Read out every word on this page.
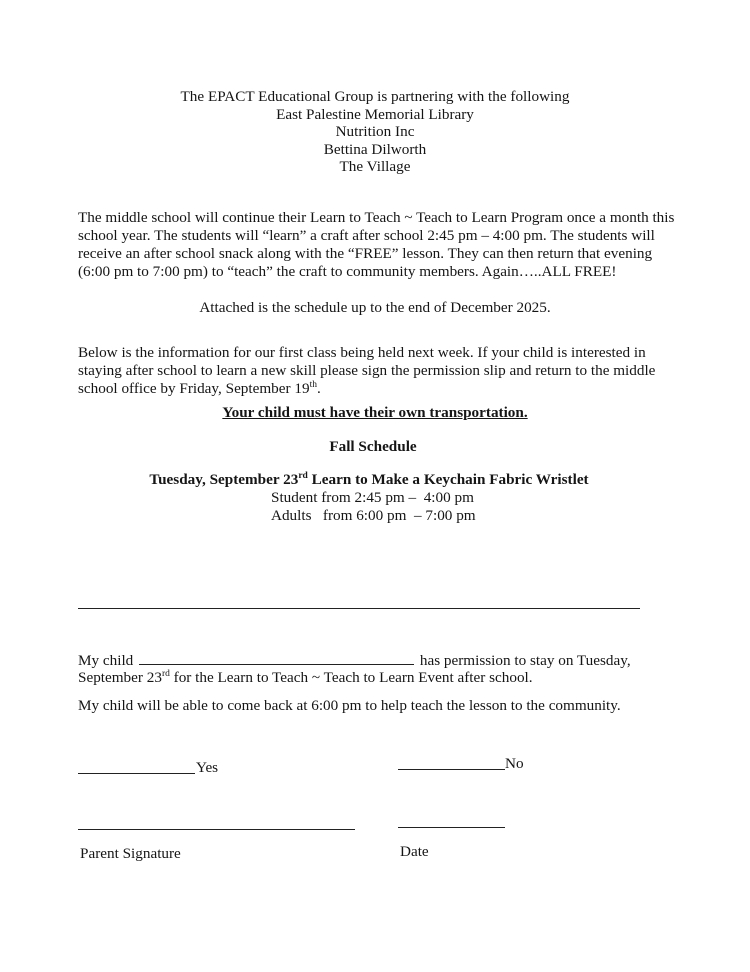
The EPACT Educational Group is partnering with the following
East Palestine Memorial Library
Nutrition Inc
Bettina Dilworth
The Village
The middle school will continue their Learn to Teach ~ Teach to Learn Program once a month this school year. The students will “learn” a craft after school 2:45 pm – 4:00 pm. The students will receive an after school snack along with the “FREE” lesson. They can then return that evening (6:00 pm to 7:00 pm) to “teach” the craft to community members. Again…..ALL FREE!
Attached is the schedule up to the end of December 2025.
Below is the information for our first class being held next week. If your child is interested in staying after school to learn a new skill please sign the permission slip and return to the middle school office by Friday, September 19th.
Your child must have their own transportation.
Fall Schedule
Tuesday, September 23rd Learn to Make a Keychain Fabric Wristlet
Student from 2:45 pm –  4:00 pm
Adults   from 6:00 pm  – 7:00 pm
My child	has permission to stay on Tuesday,
September 23rd for the Learn to Teach ~ Teach to Learn Event after school.
My child will be able to come back at 6:00 pm to help teach the lesson to the community.
Yes	No
Parent Signature	Date
